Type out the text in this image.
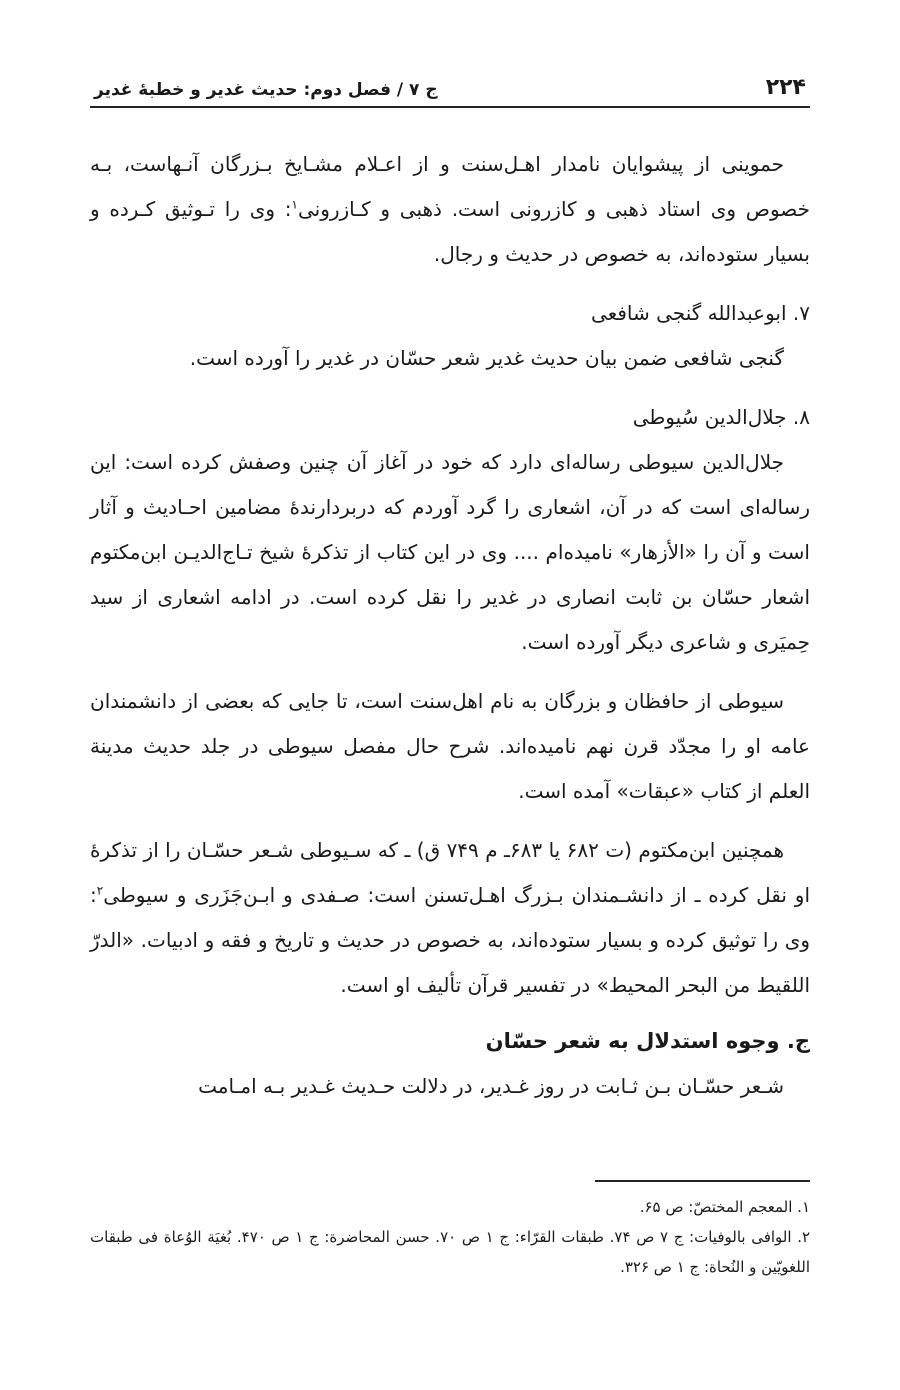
۲۲۴
ج ۷ / فصل دوم: حدیث غدیر و خطبهٔ غدیر

حموینی از پیشوایان نامدار اهـل‌سنت و از اعـلام مشـایخ بـزرگان آنـهاست، بـه خصوص وی استاد ذهبی و کازرونی است. ذهبی و کـازرونی$^۱$: وی را تـوثیق کـرده و بسیار ستوده‌اند، به خصوص در حدیث و رجال.

۷. ابوعبدالله گنجی شافعی

گنجی شافعی ضمن بیان حدیث غدیر شعر حسّان در غدیر را آورده است.

۸. جلال‌الدین سُیوطی

جلال‌الدین سیوطی رساله‌ای دارد که خود در آغاز آن چنین وصفش کرده است: این رساله‌ای است که در آن، اشعاری را گرد آوردم که دربردارندهٔ مضامین احـادیث و آثار است و آن را «الأزهار» نامیده‌ام .... وی در این کتاب از تذکرهٔ شیخ تـاج‌الدیـن ابن‌مکتوم اشعار حسّان بن ثابت انصاری در غدیر را نقل کرده است. در ادامه اشعاری از سید حِمیَری و شاعری دیگر آورده است.

سیوطی از حافظان و بزرگان به نام اهل‌سنت است، تا جایی که بعضی از دانشمندان عامه او را مجدّد قرن نهم نامیده‌اند. شرح حال مفصل سیوطی در جلد حدیث مدینة العلم از کتاب «عبقات» آمده است.

همچنین ابن‌مکتوم (ت ۶۸۲ یا ۶۸۳ـ م ۷۴۹ ق) ـ که سـیوطی شـعر حسّـان را از تذکرهٔ او نقل کرده ـ از دانشـمندان بـزرگ اهـل‌تسنن است: صـفدی و ابـن‌جَزَری و سیوطی$^۲$: وی را توثیق کرده و بسیار ستوده‌اند، به خصوص در حدیث و تاریخ و فقه و ادبیات. «الدرّ اللقیط من البحر المحیط» در تفسیر قرآن تألیف او است.

ج. وجوه استدلال به شعر حسّان

شـعر حسّـان بـن ثـابت در روز غـدیر، در دلالت حـدیث غـدیر بـه امـامت

۱. المعجم المختصّ: ص ۶۵.

۲. الوافی بالوفیات: ج ۷ ص ۷۴. طبقات القرّاء: ج ۱ ص ۷۰. حسن المحاضرة: ج ۱ ص ۴۷۰. بُغیَة الوُعاة فی طبقات اللغویّین و النُحاة: ج ۱ ص ۳۲۶.
